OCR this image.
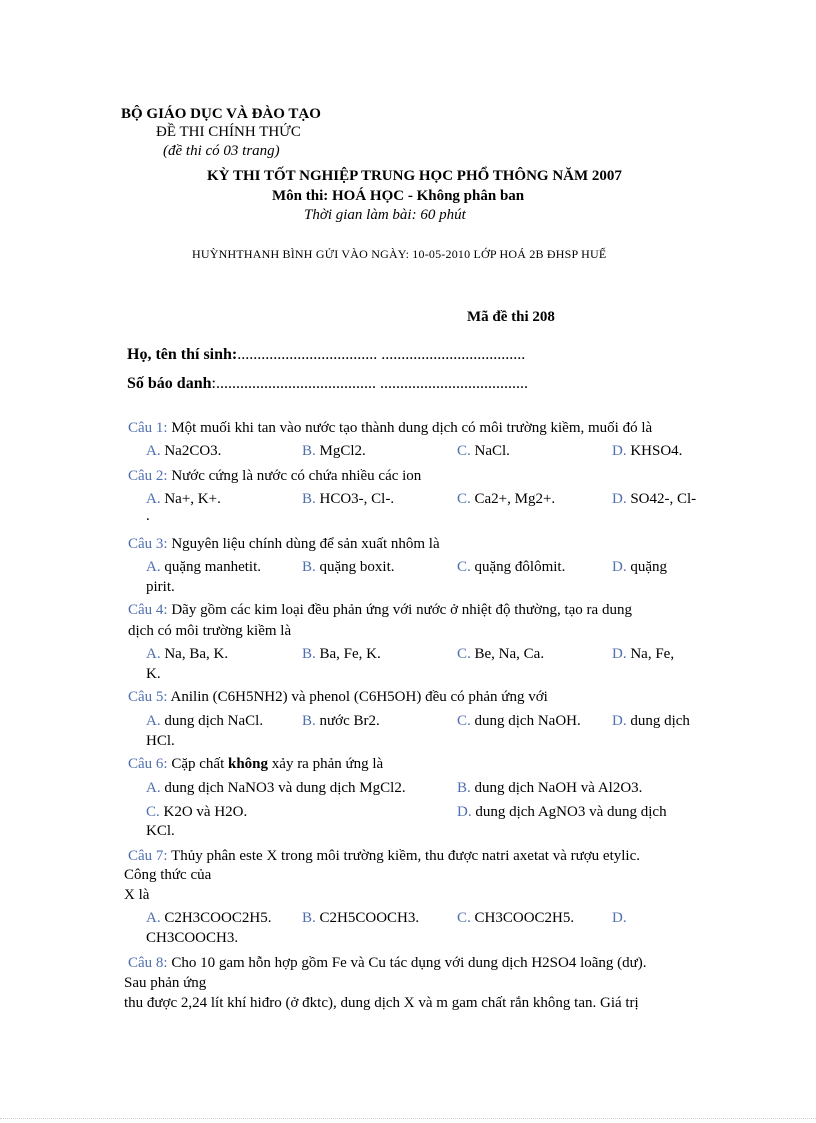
BỘ GIÁO DỤC VÀ ĐÀO TẠO
ĐỀ THI CHÍNH THỨC
(đề thi có 03 trang)
KỲ THI TỐT NGHIỆP TRUNG HỌC PHỔ THÔNG NĂM 2007
Môn thi: HOÁ HỌC - Không phân ban
Thời gian làm bài: 60 phút
HUỲNHTHANH BÌNH GỬI VÀO NGÀY: 10-05-2010 LỚP HOÁ 2B ĐHSP HUẾ
Mã đề thi 208
Họ, tên thí sinh:................................... ....................................
Số báo danh:........................................ .....................................
Câu 1: Một muối khi tan vào nước tạo thành dung dịch có môi trường kiềm, muối đó là
A. Na2CO3.	B. MgCl2.	C. NaCl.	D. KHSO4.
Câu 2: Nước cứng là nước có chứa nhiều các ion
A. Na+, K+.	B. HCO3-, Cl-.	C. Ca2+, Mg2+.	D. SO42-, Cl-
.
Câu 3: Nguyên liệu chính dùng để sản xuất nhôm là
A. quặng manhetit.	B. quặng boxit.	C. quặng đôlômit.	D. quặng
pirit.
Câu 4: Dãy gồm các kim loại đều phản ứng với nước ở nhiệt độ thường, tạo ra dung
dịch có môi trường kiềm là
A. Na, Ba, K.	B. Ba, Fe, K.	C. Be, Na, Ca.	D. Na, Fe,
K.
Câu 5: Anilin (C6H5NH2) và phenol (C6H5OH) đều có phản ứng với
A. dung dịch NaCl.	B. nước Br2.	C. dung dịch NaOH. D. dung dịch
HCl.
Câu 6: Cặp chất không xảy ra phản ứng là
A. dung dịch NaNO3 và dung dịch MgCl2.	B. dung dịch NaOH và Al2O3.
C. K2O và H2O.	D. dung dịch AgNO3 và dung dịch
KCl.
Câu 7: Thủy phân este X trong môi trường kiềm, thu được natri axetat và rượu etylic.
Công thức của
X là
A. C2H3COOC2H5. B. C2H5COOCH3.	C. CH3COOC2H5.	D.
CH3COOCH3.
Câu 8: Cho 10 gam hỗn hợp gồm Fe và Cu tác dụng với dung dịch H2SO4 loãng (dư).
Sau phản ứng
thu được 2,24 lít khí hiđro (ở đktc), dung dịch X và m gam chất rắn không tan. Giá trị
